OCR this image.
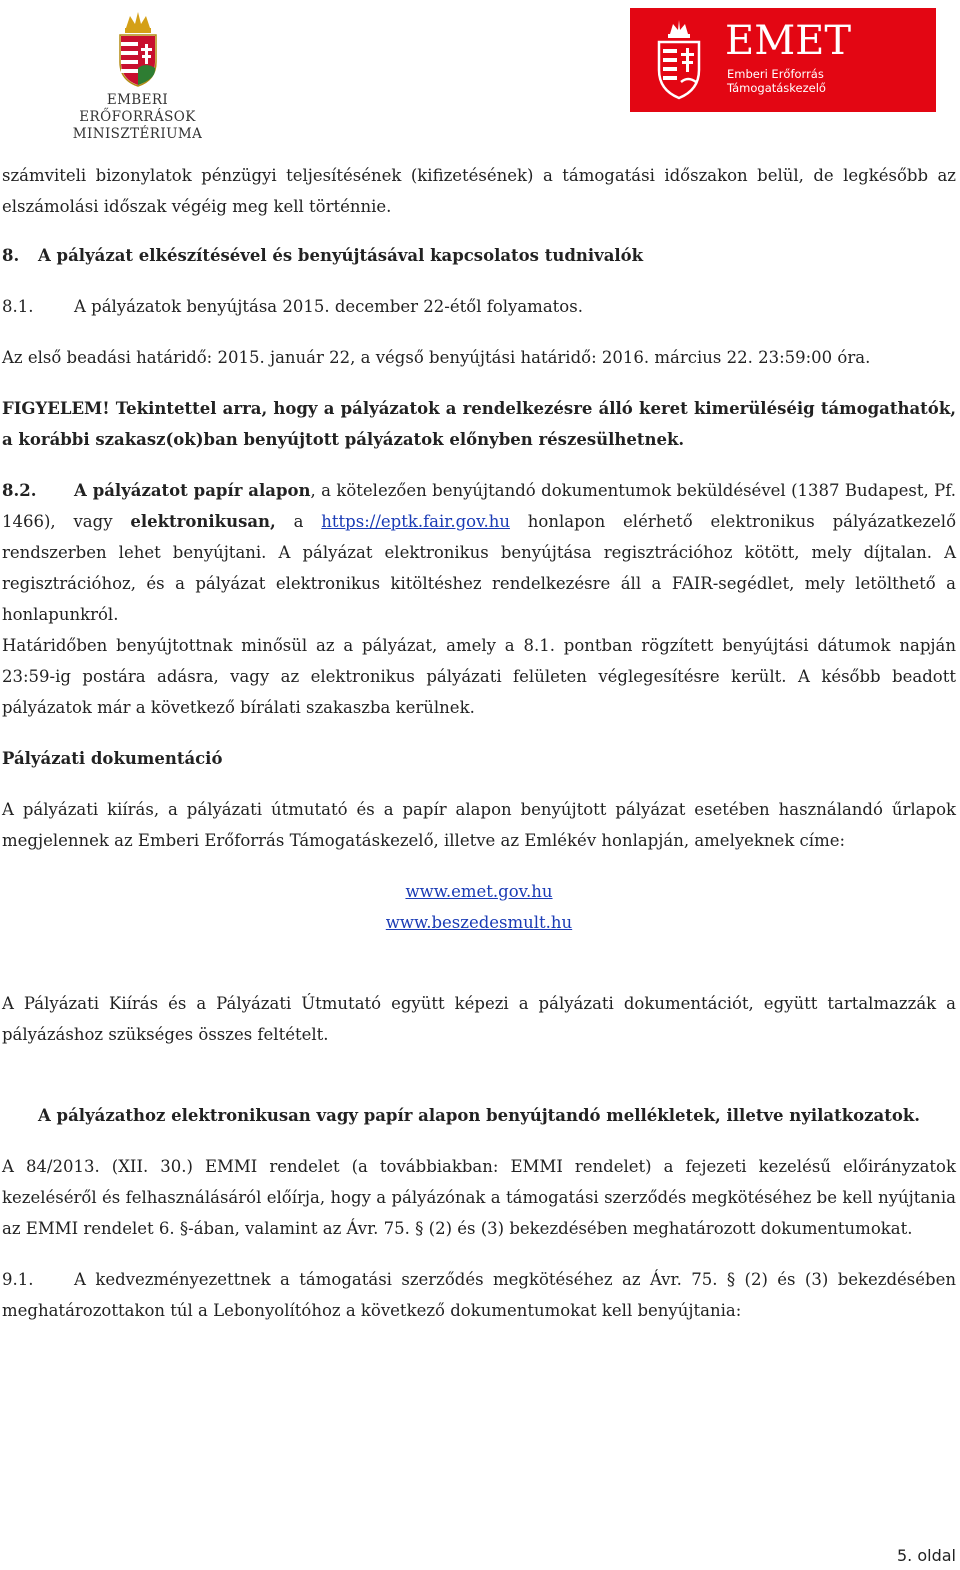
EMBERI ERŐFORRÁSOK
MINISZTÉRIUMA
EMET
Emberi Erőforrás
Támogatáskezelő

számviteli bizonylatok pénzügyi teljesítésének (kifizetésének) a támogatási időszakon belül, de legkésőbb az elszámolási időszak végéig meg kell történnie.

8. A pályázat elkészítésével és benyújtásával kapcsolatos tudnivalók

8.1. A pályázatok benyújtása 2015. december 22-étől folyamatos.

Az első beadási határidő: 2015. január 22, a végső benyújtási határidő: 2016. március 22. 23:59:00 óra.

FIGYELEM! Tekintettel arra, hogy a pályázatok a rendelkezésre álló keret kimerüléséig támogathatók, a korábbi szakasz(ok)ban benyújtott pályázatok előnyben részesülhetnek.

8.2. A pályázatot papír alapon, a kötelezően benyújtandó dokumentumok beküldésével (1387 Budapest, Pf. 1466), vagy elektronikusan, a https://eptk.fair.gov.hu honlapon elérhető elektronikus pályázatkezelő rendszerben lehet benyújtani. A pályázat elektronikus benyújtása regisztrációhoz kötött, mely díjtalan. A regisztrációhoz, és a pályázat elektronikus kitöltéshez rendelkezésre áll a FAIR-segédlet, mely letölthető a honlapunkról.

Határidőben benyújtottnak minősül az a pályázat, amely a 8.1. pontban rögzített benyújtási dátumok napján 23:59-ig postára adásra, vagy az elektronikus pályázati felületen véglegesítésre került. A később beadott pályázatok már a következő bírálati szakaszba kerülnek.

Pályázati dokumentáció

A pályázati kiírás, a pályázati útmutató és a papír alapon benyújtott pályázat esetében használandó űrlapok megjelennek az Emberi Erőforrás Támogatáskezelő, illetve az Emlékév honlapján, amelyeknek címe:

www.emet.gov.hu
www.beszedesmult.hu

A Pályázati Kiírás és a Pályázati Útmutató együtt képezi a pályázati dokumentációt, együtt tartalmazzák a pályázáshoz szükséges összes feltételt.

A pályázathoz elektronikusan vagy papír alapon benyújtandó mellékletek, illetve nyilatkozatok.

A 84/2013. (XII. 30.) EMMI rendelet (a továbbiakban: EMMI rendelet) a fejezeti kezelésű előirányzatok kezeléséről és felhasználásáról előírja, hogy a pályázónak a támogatási szerződés megkötéséhez be kell nyújtania az EMMI rendelet 6. §-ában, valamint az Ávr. 75. § (2) és (3) bekezdésében meghatározott dokumentumokat.

9.1. A kedvezményezettnek a támogatási szerződés megkötéséhez az Ávr. 75. § (2) és (3) bekezdésében meghatározottakon túl a Lebonyolítóhoz a következő dokumentumokat kell benyújtania:

5. oldal
